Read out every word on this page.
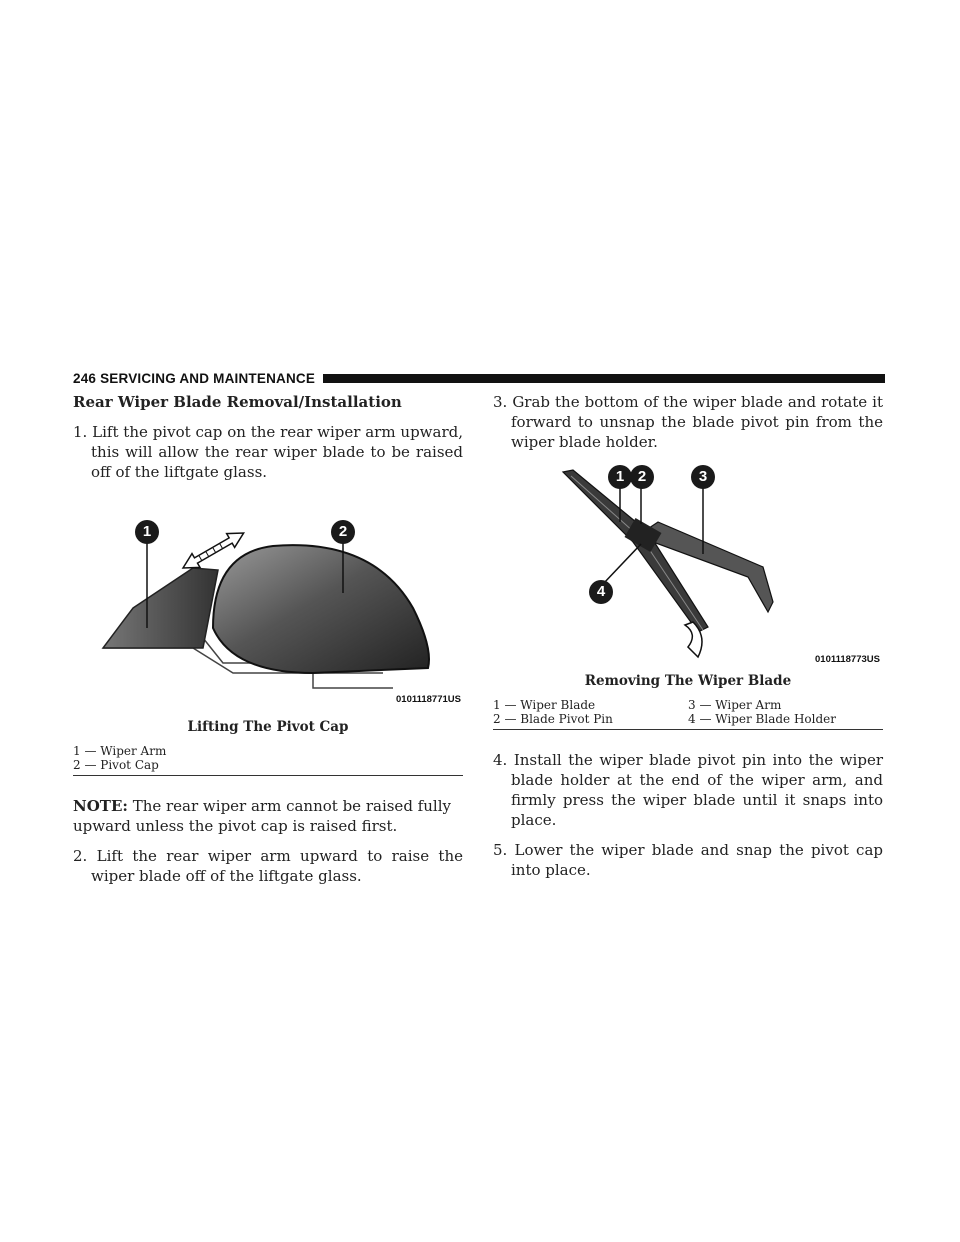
246 SERVICING AND MAINTENANCE
Rear Wiper Blade Removal/Installation
1. Lift the pivot cap on the rear wiper arm upward, this will allow the rear wiper blade to be raised off of the liftgate glass.
1	2
0101118771US
Lifting The Pivot Cap
1 — Wiper Arm
2 — Pivot Cap
NOTE: The rear wiper arm cannot be raised fully upward unless the pivot cap is raised first.
2. Lift the rear wiper arm upward to raise the wiper blade off of the liftgate glass.
3. Grab the bottom of the wiper blade and rotate it forward to unsnap the blade pivot pin from the wiper blade holder.
1 2	3
4
0101118773US
Removing The Wiper Blade
1 — Wiper Blade	3 — Wiper Arm
2 — Blade Pivot Pin	4 — Wiper Blade Holder
4. Install the wiper blade pivot pin into the wiper blade holder at the end of the wiper arm, and firmly press the wiper blade until it snaps into place.
5. Lower the wiper blade and snap the pivot cap into place.
